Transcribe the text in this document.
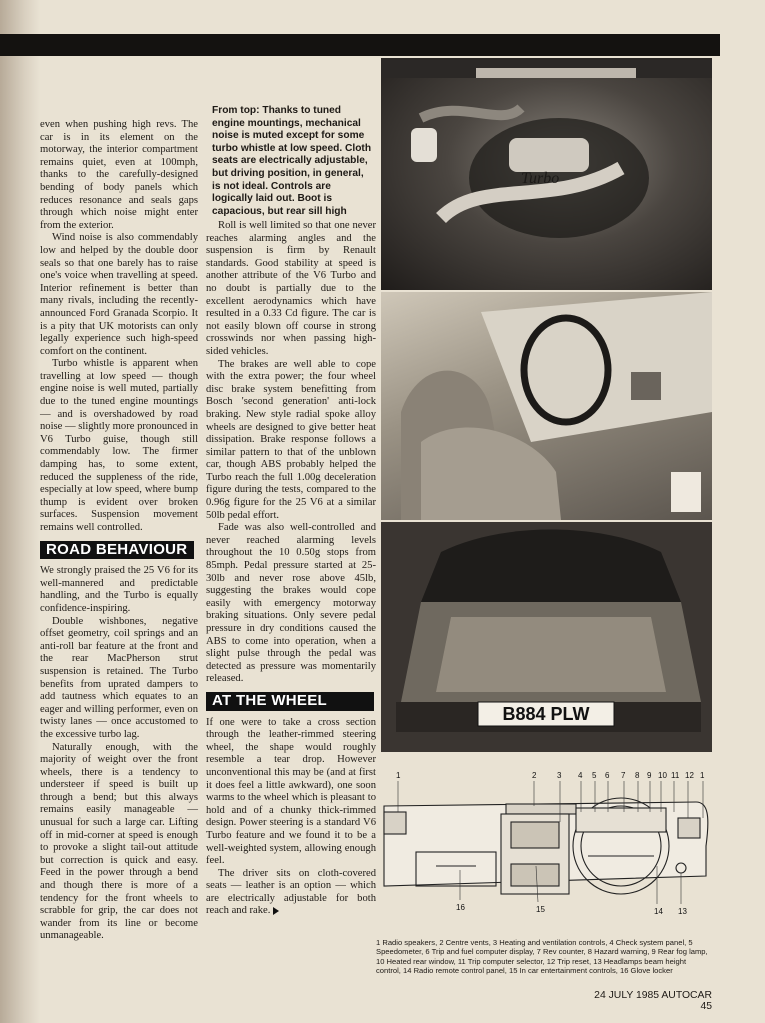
even when pushing high revs. The car is in its element on the motorway, the interior compartment remains quiet, even at 100mph, thanks to the carefully-designed bending of body panels which reduces resonance and seals gaps through which noise might enter from the exterior.

Wind noise is also commendably low and helped by the double door seals so that one barely has to raise one's voice when travelling at speed. Interior refinement is better than many rivals, including the recently-announced Ford Granada Scorpio. It is a pity that UK motorists can only legally experience such high-speed comfort on the continent.

Turbo whistle is apparent when travelling at low speed — though engine noise is well muted, partially due to the tuned engine mountings — and is overshadowed by road noise — slightly more pronounced in V6 Turbo guise, though still commendably low. The firmer damping has, to some extent, reduced the suppleness of the ride, especially at low speed, where bump thump is evident over broken surfaces. Suspension movement remains well controlled.

ROAD BEHAVIOUR

We strongly praised the 25 V6 for its well-mannered and predictable handling, and the Turbo is equally confidence-inspiring.

Double wishbones, negative offset geometry, coil springs and an anti-roll bar feature at the front and the rear MacPherson strut suspension is retained. The Turbo benefits from uprated dampers to add tautness which equates to an eager and willing performer, even on twisty lanes — once accustomed to the excessive turbo lag.

Naturally enough, with the majority of weight over the front wheels, there is a tendency to understeer if speed is built up through a bend; but this always remains easily manageable — unusual for such a large car. Lifting off in mid-corner at speed is enough to provoke a slight tail-out attitude but correction is quick and easy. Feed in the power through a bend and though there is more of a tendency for the front wheels to scrabble for grip, the car does not wander from its line or become unmanageable.

From top: Thanks to tuned engine mountings, mechanical noise is muted except for some turbo whistle at low speed. Cloth seats are electrically adjustable, but driving position, in general, is not ideal. Controls are logically laid out. Boot is capacious, but rear sill high

Roll is well limited so that one never reaches alarming angles and the suspension is firm by Renault standards. Good stability at speed is another attribute of the V6 Turbo and no doubt is partially due to the excellent aerodynamics which have resulted in a 0.33 Cd figure. The car is not easily blown off course in strong crosswinds nor when passing high-sided vehicles.

The brakes are well able to cope with the extra power; the four wheel disc brake system benefitting from Bosch 'second generation' anti-lock braking. New style radial spoke alloy wheels are designed to give better heat dissipation. Brake response follows a similar pattern to that of the unblown car, though ABS probably helped the Turbo reach the full 1.00g deceleration figure during the tests, compared to the 0.96g figure for the 25 V6 at a similar 50lb pedal effort.

Fade was also well-controlled and never reached alarming levels throughout the 10 0.50g stops from 85mph. Pedal pressure started at 25-30lb and never rose above 45lb, suggesting the brakes would cope easily with emergency motorway braking situations. Only severe pedal pressure in dry conditions caused the ABS to come into operation, when a slight pulse through the pedal was detected as pressure was momentarily released.

AT THE WHEEL

If one were to take a cross section through the leather-rimmed steering wheel, the shape would roughly resemble a tear drop. However unconventional this may be (and at first it does feel a little awkward), one soon warms to the wheel which is pleasant to hold and of a chunky thick-rimmed design. Power steering is a standard V6 Turbo feature and we found it to be a well-weighted system, allowing enough feel.

The driver sits on cloth-covered seats — leather is an option — which are electrically adjustable for both reach and rake.

Turbo
B884 PLW
1	2	3 4 5 6 7 8 9 10 11 12 1
15	14 13
16
1 Radio speakers, 2 Centre vents, 3 Heating and ventilation controls, 4 Check system panel, 5 Speedometer, 6 Trip and fuel computer display, 7 Rev counter, 8 Hazard warning, 9 Rear fog lamp, 10 Heated rear window, 11 Trip computer selector, 12 Trip reset, 13 Headlamps beam height control, 14 Radio remote control panel, 15 In car entertainment controls, 16 Glove locker
24 JULY 1985 AUTOCAR 45
